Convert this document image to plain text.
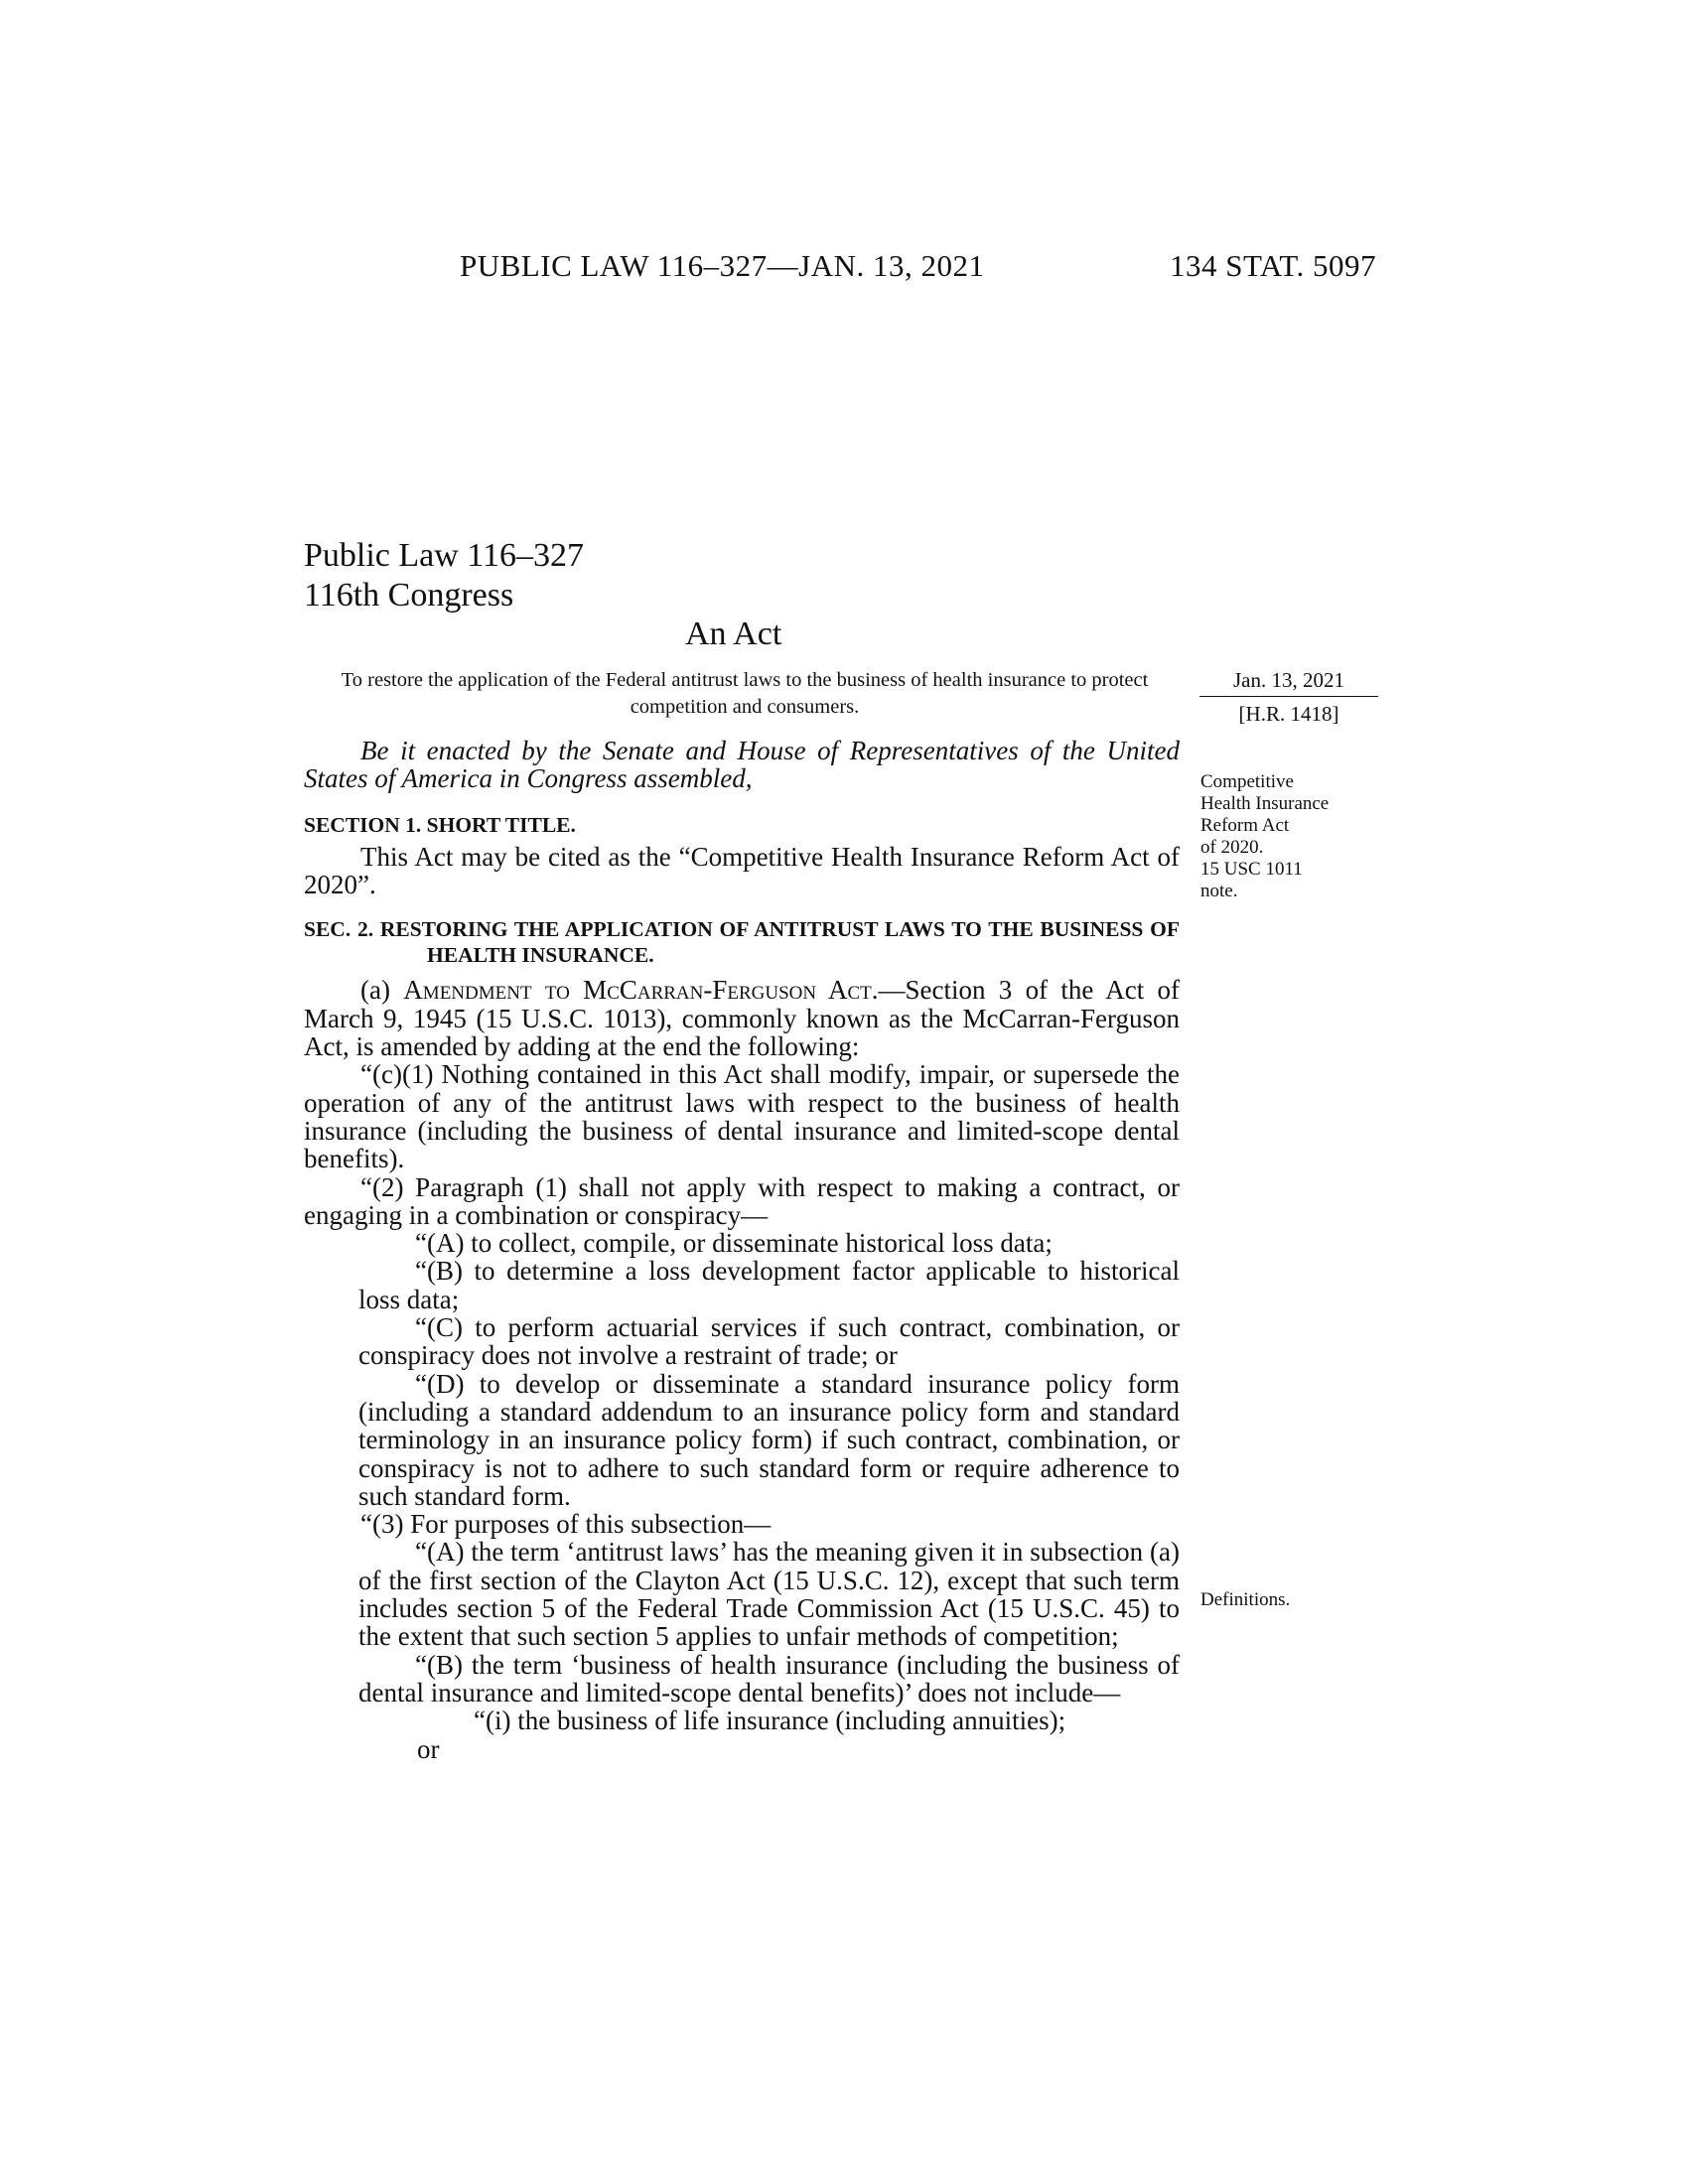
PUBLIC LAW 116–327—JAN. 13, 2021	134 STAT. 5097
Public Law 116–327
116th Congress
An Act
To restore the application of the Federal antitrust laws to the business of health insurance to protect competition and consumers.
Jan. 13, 2021
[H.R. 1418]

Be it enacted by the Senate and House of Representatives of the United States of America in Congress assembled,

SECTION 1. SHORT TITLE.

This Act may be cited as the “Competitive Health Insurance Reform Act of 2020”.

SEC. 2. RESTORING THE APPLICATION OF ANTITRUST LAWS TO THE BUSINESS OF HEALTH INSURANCE.

(a) Amendment to McCarran-Ferguson Act.—Section 3 of the Act of March 9, 1945 (15 U.S.C. 1013), commonly known as the McCarran-Ferguson Act, is amended by adding at the end the following:

“(c)(1) Nothing contained in this Act shall modify, impair, or supersede the operation of any of the antitrust laws with respect to the business of health insurance (including the business of dental insurance and limited-scope dental benefits).

“(2) Paragraph (1) shall not apply with respect to making a contract, or engaging in a combination or conspiracy—

“(A) to collect, compile, or disseminate historical loss data;

“(B) to determine a loss development factor applicable to historical loss data;

“(C) to perform actuarial services if such contract, combination, or conspiracy does not involve a restraint of trade; or

“(D) to develop or disseminate a standard insurance policy form (including a standard addendum to an insurance policy form and standard terminology in an insurance policy form) if such contract, combination, or conspiracy is not to adhere to such standard form or require adherence to such standard form.

“(3) For purposes of this subsection—

“(A) the term ‘antitrust laws’ has the meaning given it in subsection (a) of the first section of the Clayton Act (15 U.S.C. 12), except that such term includes section 5 of the Federal Trade Commission Act (15 U.S.C. 45) to the extent that such section 5 applies to unfair methods of competition;

“(B) the term ‘business of health insurance (including the business of dental insurance and limited-scope dental benefits)’ does not include—

“(i) the business of life insurance (including annuities);

or

Competitive
Health Insurance
Reform Act
of 2020.
15 USC 1011
note.
Definitions.
